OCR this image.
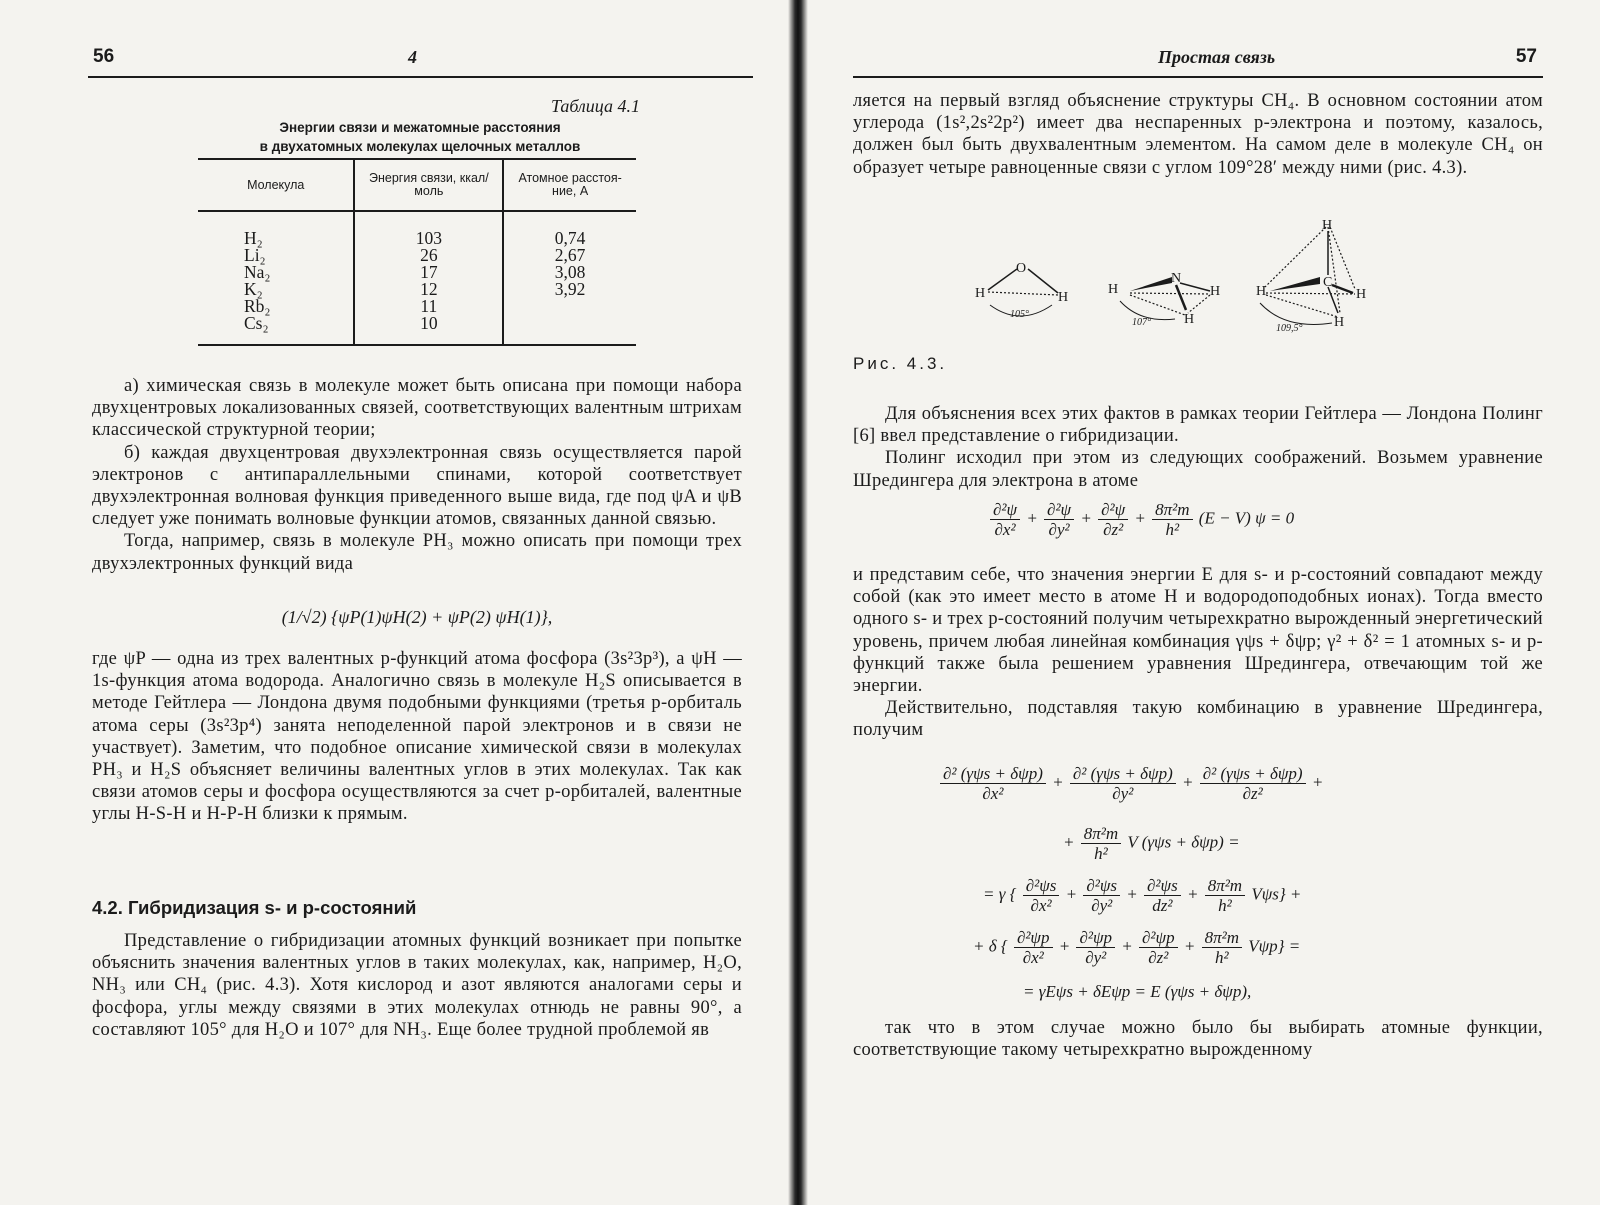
56	4
Таблица 4.1
Энергии связи и межатомные расстояния
в двухатомных молекулах щелочных металлов
Молекула	Энергия связи, ккал/моль	Атомное расстоя-ние, А
H₂	103	0,74
Li₂	26	2,67
Na₂	17	3,08
K₂	12	3,92
Rb₂	11	
Cs₂	10	

а) химическая связь в молекуле может быть описана при помощи набора двухцентровых локализованных связей, соответствующих валентным штрихам классической структурной теории;

б) каждая двухцентровая двухэлектронная связь осуществляется парой электронов с антипараллельными спинами, которой соответствует двухэлектронная волновая функция приведенного выше вида, где под ψA и ψB следует уже понимать волновые функции атомов, связанных данной связью.

Тогда, например, связь в молекуле PH₃ можно описать при помощи трех двухэлектронных функций вида

(1/√2) {ψP(1)ψH(2) + ψP(2) ψH(1)},

где ψP — одна из трех валентных p-функций атома фосфора (3s²3p³), а ψH — 1s-функция атома водорода. Аналогично связь в молекуле H₂S описывается в методе Гейтлера — Лондона двумя подобными функциями (третья p-орбиталь атома серы (3s²3p⁴) занята неподеленной парой электронов и в связи не участвует). Заметим, что подобное описание химической связи в молекулах PH₃ и H₂S объясняет величины валентных углов в этих молекулах. Так как связи атомов серы и фосфора осуществляются за счет p-орбиталей, валентные углы H-S-H и H-P-H близки к прямым.

4.2. Гибридизация s- и p-состояний

Представление о гибридизации атомных функций возникает при попытке объяснить значения валентных углов в таких молекулах, как, например, H₂O, NH₃ или CH₄ (рис. 4.3). Хотя кислород и азот являются аналогами серы и фосфора, углы между связями в этих молекулах отнюдь не равны 90°, а составляют 105° для H₂O и 107° для NH₃. Еще более трудной проблемой яв

Простая связь	57

ляется на первый взгляд объяснение структуры CH₄. В основном состоянии атом углерода (1s²,2s²2p²) имеет два неспаренных p-электрона и поэтому, казалось, должен был быть двухвалентным элементом. На самом деле в молекуле CH₄ он образует четыре равноценные связи с углом 109°28′ между ними (рис. 4.3).

Для объяснения всех этих фактов в рамках теории Гейтлера — Лондона Полинг [6] ввел представление о гибридизации.

Полинг исходил при этом из следующих соображений. Возьмем уравнение Шредингера для электрона в атоме

$\frac{\text{∂²ψ}}{\text{∂x²}} + \frac{\text{∂²ψ}}{\text{∂y²}} + \frac{\text{∂²ψ}}{\text{∂z²}} + \frac{\text{8π²m}}{\text{h²}} (E - V) \psi = 0$

и представим себе, что значения энергии E для s- и p-состояний совпадают между собой (как это имеет место в атоме H и водородоподобных ионах). Тогда вместо одного s- и трех p-состояний получим четырехкратно вырожденный энергетический уровень, причем любая линейная комбинация γψs + δψp; γ² + δ² = 1 атомных s- и p-функций также была решением уравнения Шредингера, отвечающим той же энергии.

Действительно, подставляя такую комбинацию в уравнение Шредингера, получим

$\frac{\text{∂² (γψs + δψp)}}{\text{∂x²}} + \frac{\text{∂² (γψs + δψp)}}{\text{∂y²}} + \frac{\text{∂² (γψs + δψp)}}{\text{∂z²}}$ +
+ $\frac{\text{8π²m}}{\text{h²}}$ V (γψs + δψp) =
= γ { $\frac{\text{∂²ψs}}{\text{∂x²}} + \frac{\text{∂²ψs}}{\text{∂y²}} + \frac{\text{∂²ψs}}{\text{dz²}} + \frac{\text{8π²m}}{\text{h²}} V\psi s$} +
+ δ { $\frac{\text{∂²ψp}}{\text{∂x²}} + \frac{\text{∂²ψp}}{\text{∂y²}} + \frac{\text{∂²ψp}}{\text{∂z²}} + \frac{\text{8π²m}}{\text{h²}} V\psi p$} =
= γEψs + δEψp = E (γψs + δψp),

так что в этом случае можно было бы выбирать атомные функции, соответствующие такому четырехкратно вырожденному

O
H	H
105°
N
H	H
H
107°
H
C
H	H
H
109,5°
Рис. 4.3.
